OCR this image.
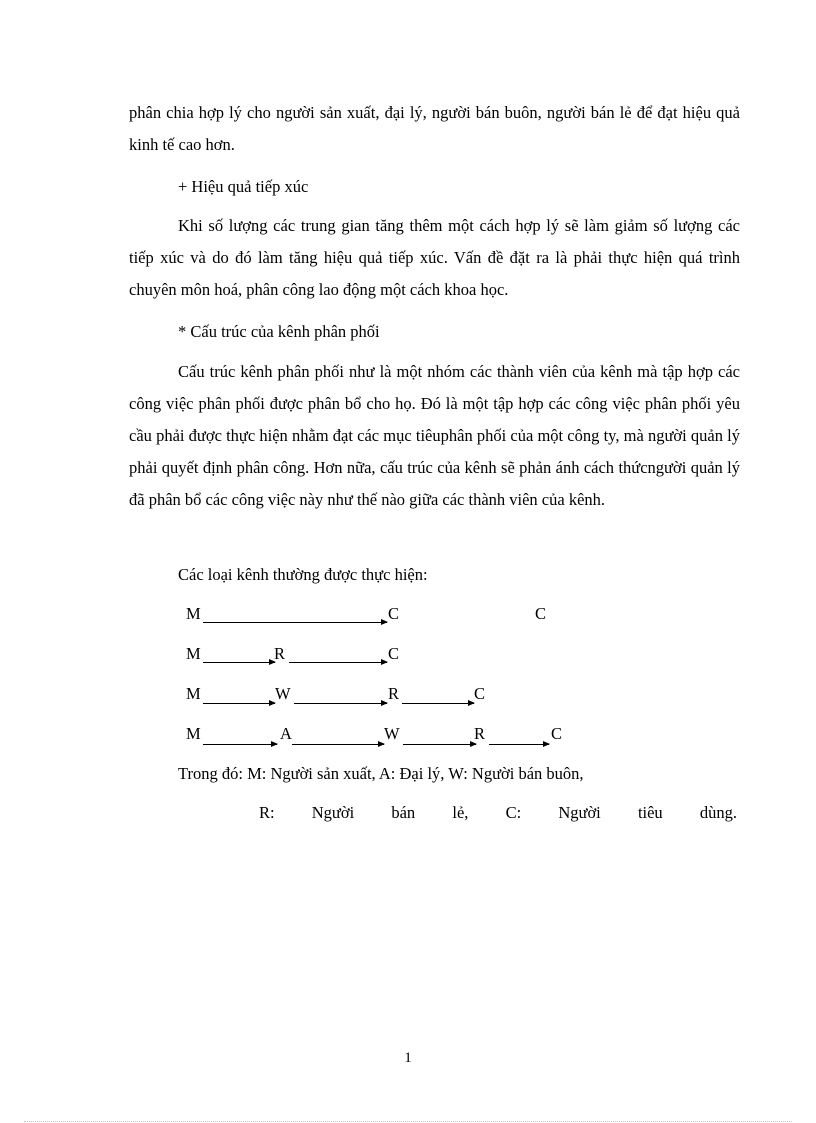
phân chia hợp lý cho người sản xuất, đại lý, người bán buôn, người bán lẻ để đạt hiệu quả kinh tế cao hơn.

+ Hiệu quả tiếp xúc

Khi số lượng các trung gian tăng thêm một cách hợp lý sẽ làm giảm số lượng các tiếp xúc và do đó làm tăng hiệu quả tiếp xúc. Vấn đề đặt ra là phải thực hiện quá trình chuyên môn hoá, phân công lao động một cách khoa học.

* Cấu trúc của kênh phân phối

Cấu trúc kênh phân phối như là một nhóm các thành viên của kênh mà tập hợp các công việc phân phối được phân bổ cho họ. Đó là một tập hợp các công việc phân phối yêu cầu phải được thực hiện nhằm đạt các mục tiêuphân phối của một công ty, mà người quản lý phải quyết định phân công. Hơn nữa, cấu trúc của kênh sẽ phản ánh cách thứcngười quản lý đã phân bổ các công việc này như thế nào giữa các thành viên của kênh.

Các loại kênh thường được thực hiện:
M	C	C
M	R	C
M	W	R	C
M	A	W	R	C
Trong đó: M: Người sản xuất, A: Đại lý, W: Người bán buôn,
R: Người bán lẻ, C: Người tiêu dùng.
1
